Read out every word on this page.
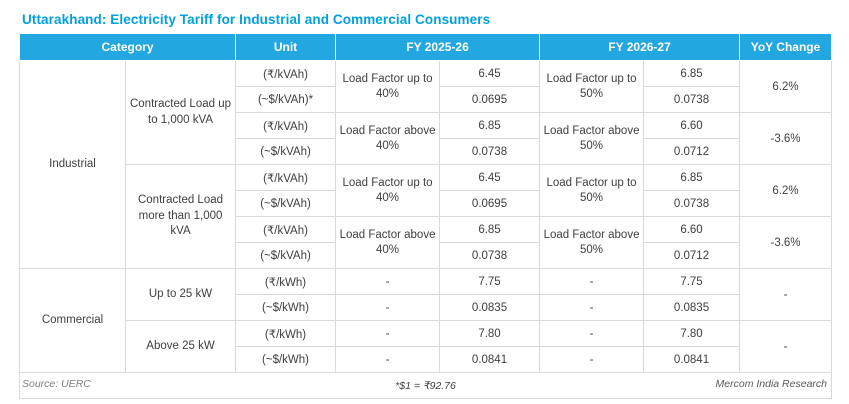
Uttarakhand: Electricity Tariff for Industrial and Commercial Consumers
Category		Unit	FY 2025-26		FY 2026-27		YoY Change
Industrial	Contracted Load up to 1,000 kVA	(₹/kVAh)	Load Factor up to 40%	6.45	Load Factor up to 50%	6.85	6.2%
		(~$/kVAh)*		0.0695		0.0738	
		(₹/kVAh)	Load Factor above 40%	6.85	Load Factor above 50%	6.60	-3.6%
		(~$/kVAh)		0.0738		0.0712	
	Contracted Load more than 1,000 kVA	(₹/kVAh)	Load Factor up to 40%	6.45	Load Factor up to 50%	6.85	6.2%
		(~$/kVAh)		0.0695		0.0738	
		(₹/kVAh)	Load Factor above 40%	6.85	Load Factor above 50%	6.60	-3.6%
		(~$/kVAh)		0.0738		0.0712	
Commercial	Up to 25 kW	(₹/kWh)	-	7.75	-	7.75	-
		(~$/kWh)	-	0.0835	-	0.0835	
	Above 25 kW	(₹/kWh)	-	7.80	-	7.80	-
		(~$/kWh)	-	0.0841	-	0.0841	
*$1 = ₹92.76							
Source: UERC	Mercom India Research
